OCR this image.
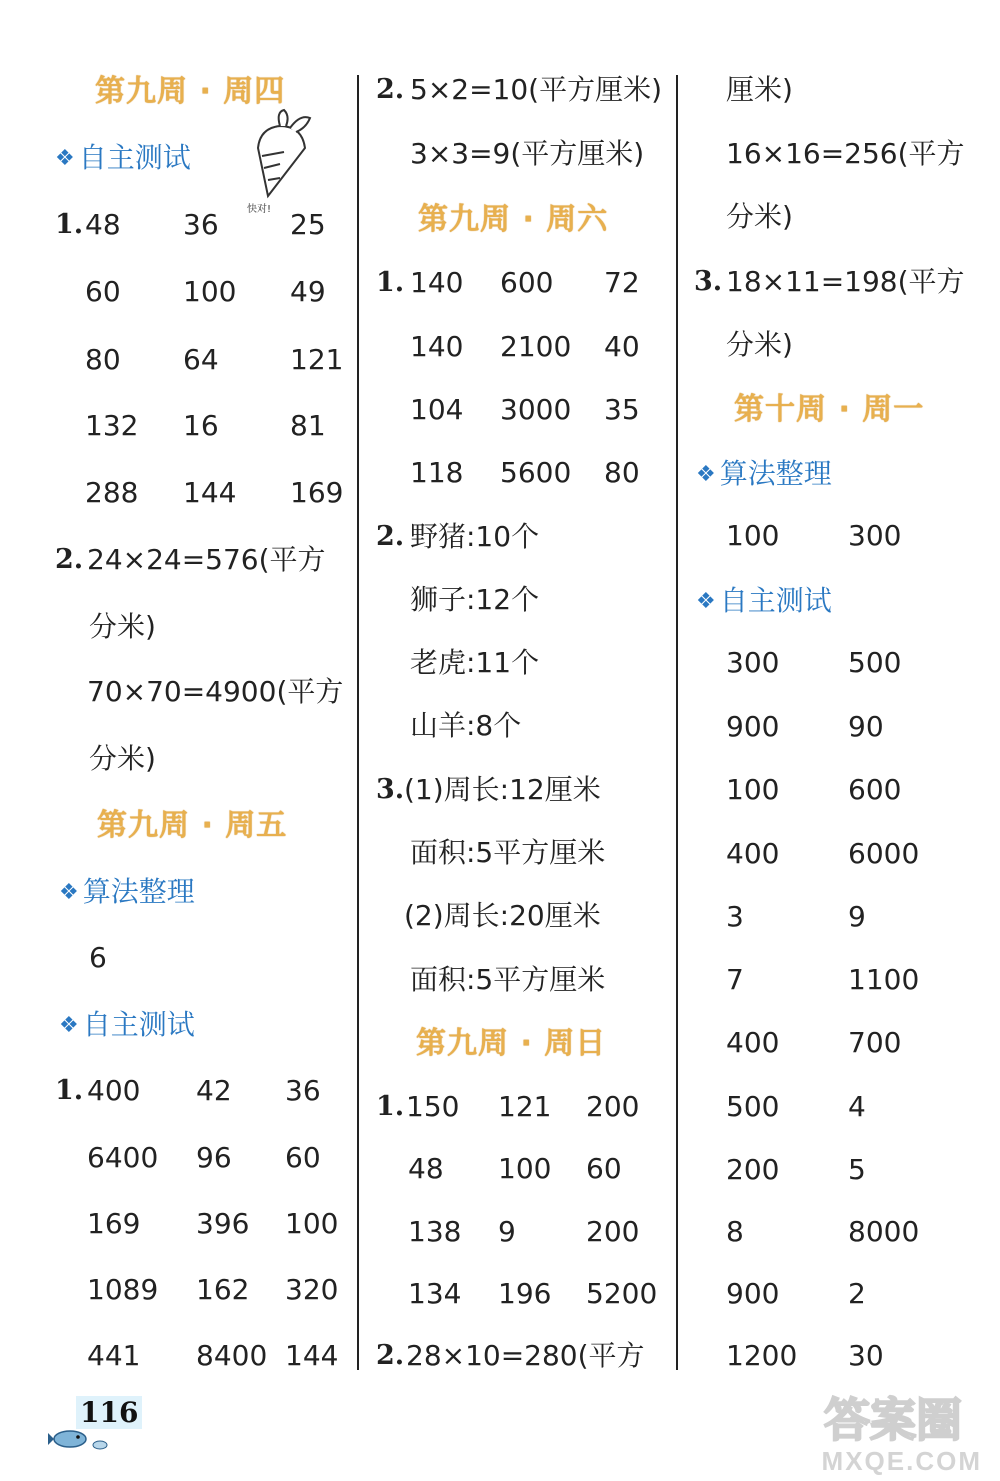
第九周 · 周四
❖ 自主测试
快对!
1. 48 36	25
60 100 49
80 64	121
132 16	81
288 144 169
2. 24×24=576(平方
分米)
70×70=4900(平方
分米)
第九周 · 周五
❖ 算法整理
6
❖ 自主测试
1. 400 42 36
6400 96 60
169 396 100
1089 162 320
441 8400 144
2. 5×2=10(平方厘米)
3×3=9(平方厘米)
第九周 · 周六
1. 140 600 72
140 2100 40
104 3000 35
118 5600 80
2. 野猪:10个
狮子:12个
老虎:11个
山羊:8个
3. (1)周长:12厘米
面积:5平方厘米
(2)周长:20厘米
面积:5平方厘米
第九周 · 周日
1. 150 121 200
48 100 60
138 9	200
134 196 5200
2. 28×10=280(平方
厘米)
16×16=256(平方
分米)
3. 18×11=198(平方
分米)
第十周 · 周一
❖ 算法整理
100 300
❖ 自主测试
300 500
900 90
100 600
400 6000
3	9
7	1100
400 700
500 4
200 5
8	8000
900 2
1200 30
116	答案圈
MXQE.COM
